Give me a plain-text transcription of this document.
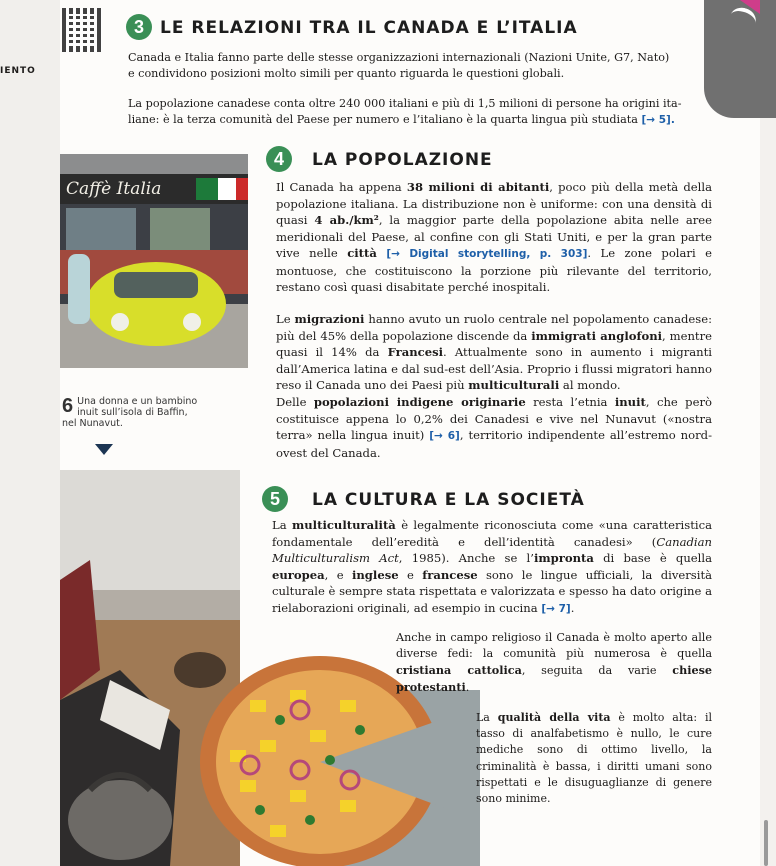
IENTO
3 LE RELAZIONI TRA IL CANADA E L’ITALIA

Canada e Italia fanno parte delle stesse organizzazioni internazionali (Nazioni Unite, G7, Nato)

e condividono posizioni molto simili per quanto riguarda le questioni globali.

La popolazione canadese conta oltre 240 000 italiani e più di 1,5 milioni di persone ha origini ita-

liane: è la terza comunità del Paese per numero e l’italiano è la quarta lingua più studiata [→ 5].

Caffè Italia
4	LA POPOLAZIONE

Il Canada ha appena 38 milioni di abitanti, poco più della metà della popolazione italiana. La distribuzione non è uniforme: con una densità di quasi 4 ab./km², la maggior parte della popolazione abita nelle aree meridionali del Paese, al confine con gli Stati Uniti, e per la gran parte vive nelle città [→ Digital storytelling, p. 303]. Le zone polari e montuose, che costituiscono la porzione più rilevante del territorio, restano così quasi disabitate perché inospitali.

Le migrazioni hanno avuto un ruolo centrale nel popolamento canadese: più del 45% della popolazione discende da immigrati anglofoni, mentre quasi il 14% da Francesi. Attualmente sono in aumento i migranti dall’America latina e dal sud-est dell’Asia. Proprio i flussi migratori hanno reso il Canada uno dei Paesi più multiculturali al mondo.

Delle popolazioni indigene originarie resta l’etnia inuit, che però costituisce appena lo 0,2% dei Canadesi e vive nel Nunavut («nostra terra» nella lingua inuit) [→ 6], territorio indipendente all’estremo nord-ovest del Canada.

6 Una donna e un bambino inuit sull’isola di Baffin, nel Nunavut.
5	LA CULTURA E LA SOCIETÀ

La multiculturalità è legalmente riconosciuta come «una caratteristica fondamentale dell’eredità e dell’identità canadesi» (Canadian Multiculturalism Act, 1985). Anche se l’impronta di base è quella europea, e inglese e francese sono le lingue ufficiali, la diversità culturale è sempre stata rispettata e valorizzata e spesso ha dato origine a rielaborazioni originali, ad esempio in cucina [→ 7].

Anche in campo religioso il Canada è molto aperto alle diverse fedi: la comunità più numerosa è quella cristiana cattolica, seguita da varie chiese protestanti.

La qualità della vita è molto alta: il tasso di analfabetismo è nullo, le cure mediche sono di ottimo livello, la criminalità è bassa, i diritti umani sono rispettati e le disuguaglianze di genere sono minime.
